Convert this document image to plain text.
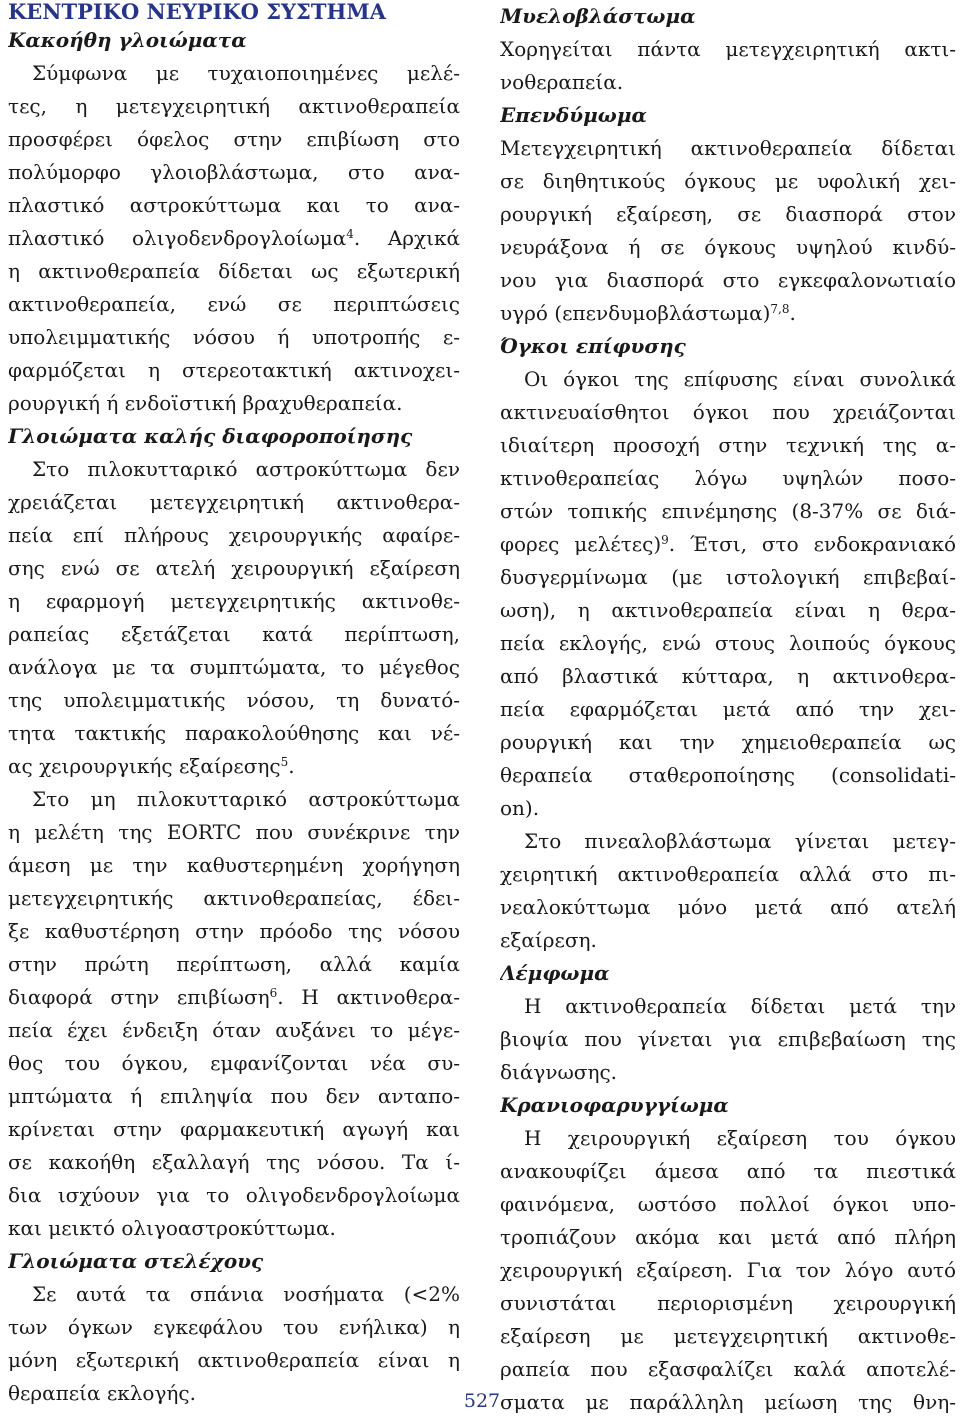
ΚΕΝΤΡΙΚΟ ΝΕΥΡΙΚΟ ΣΥΣΤΗΜΑ
Κακοήθη γλοιώματα
Σύμφωνα με τυχαιοποιημένες μελέ-
τες, η μετεγχειρητική ακτινοθεραπεία
προσφέρει όφελος στην επιβίωση στο
πολύμορφο γλοιοβλάστωμα, στο ανα-
πλαστικό αστροκύττωμα και το ανα-
πλαστικό ολιγοδενδρογλοίωμα$^4$. Αρχικά
η ακτινοθεραπεία δίδεται ως εξωτερική
ακτινοθεραπεία, ενώ σε περιπτώσεις
υπολειμματικής νόσου ή υποτροπής ε-
φαρμόζεται η στερεοτακτική ακτινοχει-
ρουργική ή ενδοϊστική βραχυθεραπεία.
Γλοιώματα καλής διαφοροποίησης
Στο πιλοκυτταρικό αστροκύττωμα δεν
χρειάζεται μετεγχειρητική ακτινοθερα-
πεία επί πλήρους χειρουργικής αφαίρε-
σης ενώ σε ατελή χειρουργική εξαίρεση
η εφαρμογή μετεγχειρητικής ακτινοθε-
ραπείας εξετάζεται κατά περίπτωση,
ανάλογα με τα συμπτώματα, το μέγεθος
της υπολειμματικής νόσου, τη δυνατό-
τητα τακτικής παρακολούθησης και νέ-
ας χειρουργικής εξαίρεσης$^5$.
Στο μη πιλοκυτταρικό αστροκύττωμα
η μελέτη της EORTC που συνέκρινε την
άμεση με την καθυστερημένη χορήγηση
μετεγχειρητικής ακτινοθεραπείας, έδει-
ξε καθυστέρηση στην πρόοδο της νόσου
στην πρώτη περίπτωση, αλλά καμία
διαφορά στην επιβίωση$^6$. Η ακτινοθερα-
πεία έχει ένδειξη όταν αυξάνει το μέγε-
θος του όγκου, εμφανίζονται νέα συ-
μπτώματα ή επιληψία που δεν ανταπο-
κρίνεται στην φαρμακευτική αγωγή και
σε κακοήθη εξαλλαγή της νόσου. Τα ί-
δια ισχύουν για το ολιγοδενδρογλοίωμα
και μεικτό ολιγοαστροκύττωμα.
Γλοιώματα στελέχους
Σε αυτά τα σπάνια νοσήματα (<2%
των όγκων εγκεφάλου του ενήλικα) η
μόνη εξωτερική ακτινοθεραπεία είναι η
θεραπεία εκλογής.
Μυελοβλάστωμα
Χορηγείται πάντα μετεγχειρητική ακτι-
νοθεραπεία.
Επενδύμωμα
Μετεγχειρητική ακτινοθεραπεία δίδεται
σε διηθητικούς όγκους με υφολική χει-
ρουργική εξαίρεση, σε διασπορά στον
νευράξονα ή σε όγκους υψηλού κινδύ-
νου για διασπορά στο εγκεφαλονωτιαίο
υγρό $(\varepsilon\pi\varepsilon\nu\delta\upsilon\mu o\beta\lambda ά\sigma\tau\omega\mu\alpha)^{7,8}$.
Όγκοι επίφυσης
Οι όγκοι της επίφυσης είναι συνολικά
ακτινευαίσθητοι όγκοι που χρειάζονται
ιδιαίτερη προσοχή στην τεχνική της α-
κτινοθεραπείας λόγω υψηλών ποσο-
στών τοπικής επινέμησης (8-37% σε διά-
φορες μελέτες)$^9$. Έτσι, στο ενδοκρανιακό
δυσγερμίνωμα (με ιστολογική επιβεβαί-
ωση), η ακτινοθεραπεία είναι η θερα-
πεία εκλογής, ενώ στους λοιπούς όγκους
από βλαστικά κύτταρα, η ακτινοθερα-
πεία εφαρμόζεται μετά από την χει-
ρουργική και την χημειοθεραπεία ως
θεραπεία σταθεροποίησης (consolidati-
on).
Στο πινεαλοβλάστωμα γίνεται μετεγ-
χειρητική ακτινοθεραπεία αλλά στο πι-
νεαλοκύττωμα μόνο μετά από ατελή
εξαίρεση.
Λέμφωμα
Η ακτινοθεραπεία δίδεται μετά την
βιοψία που γίνεται για επιβεβαίωση της
διάγνωσης.
Κρανιοφαρυγγίωμα
Η χειρουργική εξαίρεση του όγκου
ανακουφίζει άμεσα από τα πιεστικά
φαινόμενα, ωστόσο πολλοί όγκοι υπο-
τροπιάζουν ακόμα και μετά από πλήρη
χειρουργική εξαίρεση. Για τον λόγο αυτό
συνιστάται περιορισμένη χειρουργική
εξαίρεση με μετεγχειρητική ακτινοθε-
ραπεία που εξασφαλίζει καλά αποτελέ-
σματα με παράλληλη μείωση της θνη-
527
